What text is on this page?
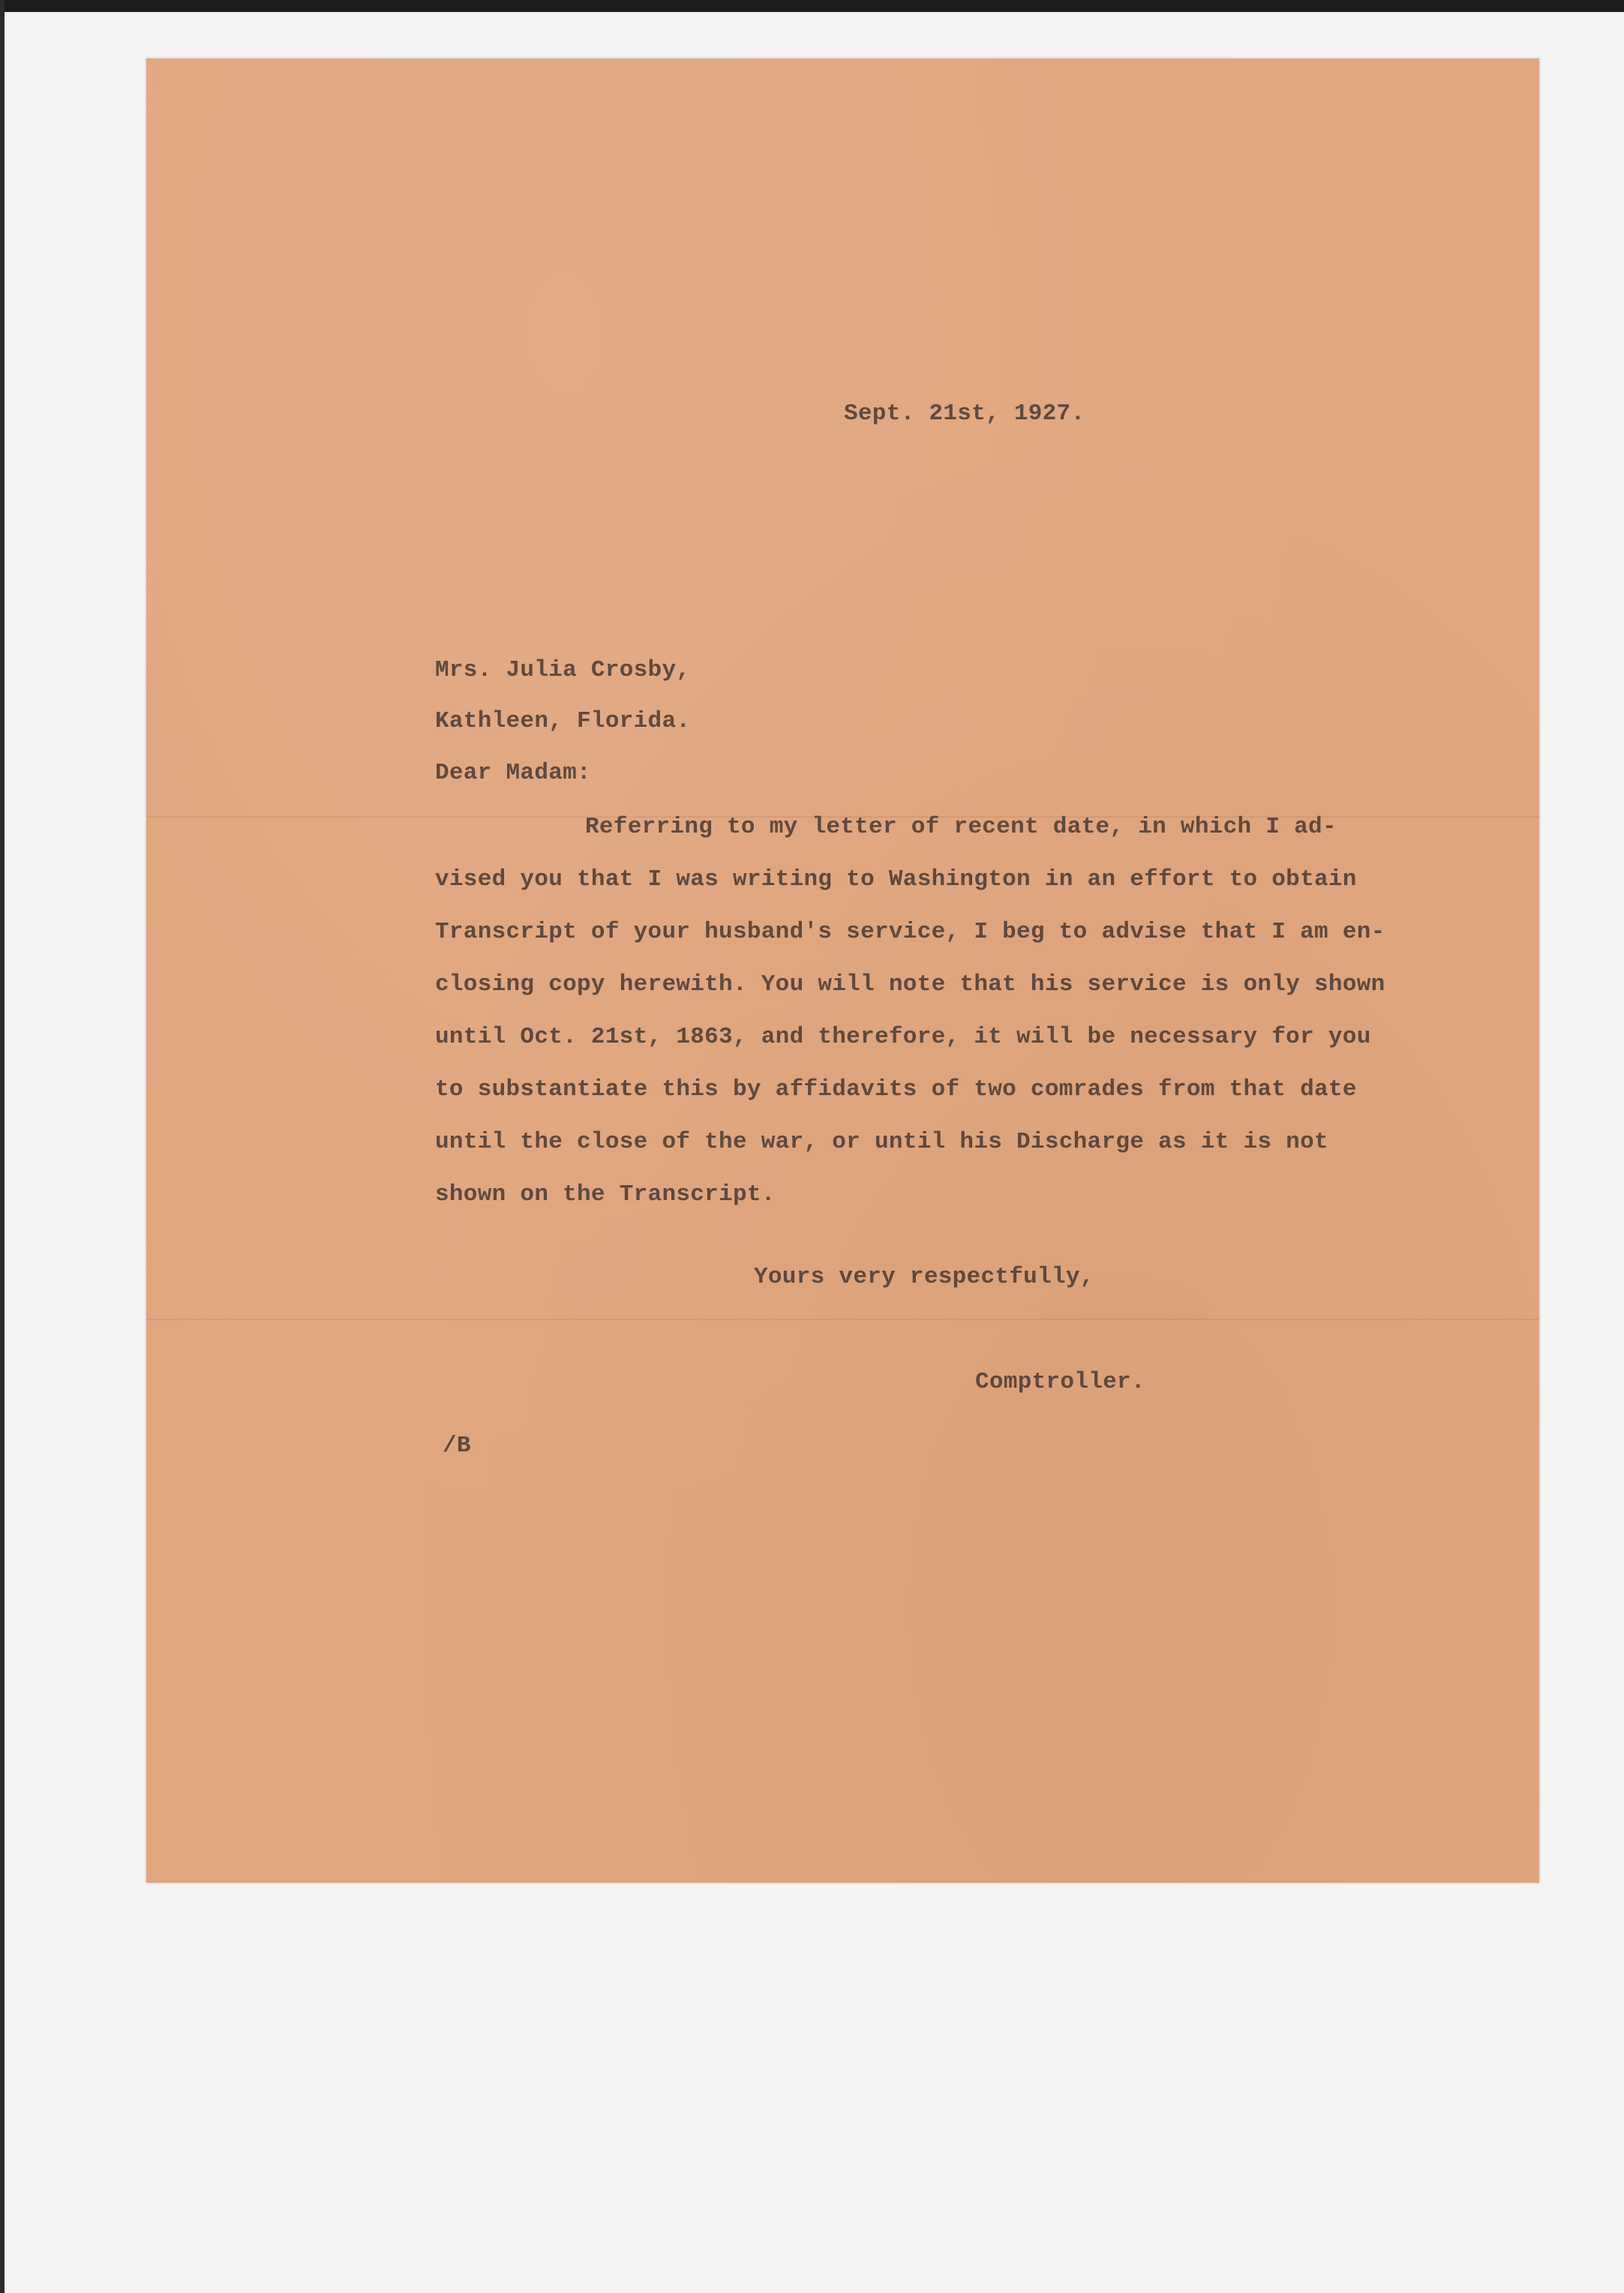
Sept. 21st, 1927.
Mrs. Julia Crosby,
Kathleen, Florida.
Dear Madam:
Referring to my letter of recent date, in which I ad-
vised you that I was writing to Washington in an effort to obtain
Transcript of your husband's service, I beg to advise that I am en-
closing copy herewith. You will note that his service is only shown
until Oct. 21st, 1863, and therefore, it will be necessary for you
to substantiate this by affidavits of two comrades from that date
until the close of the war, or until his Discharge as it is not
shown on the Transcript.
Yours very respectfully,
Comptroller.
/B
